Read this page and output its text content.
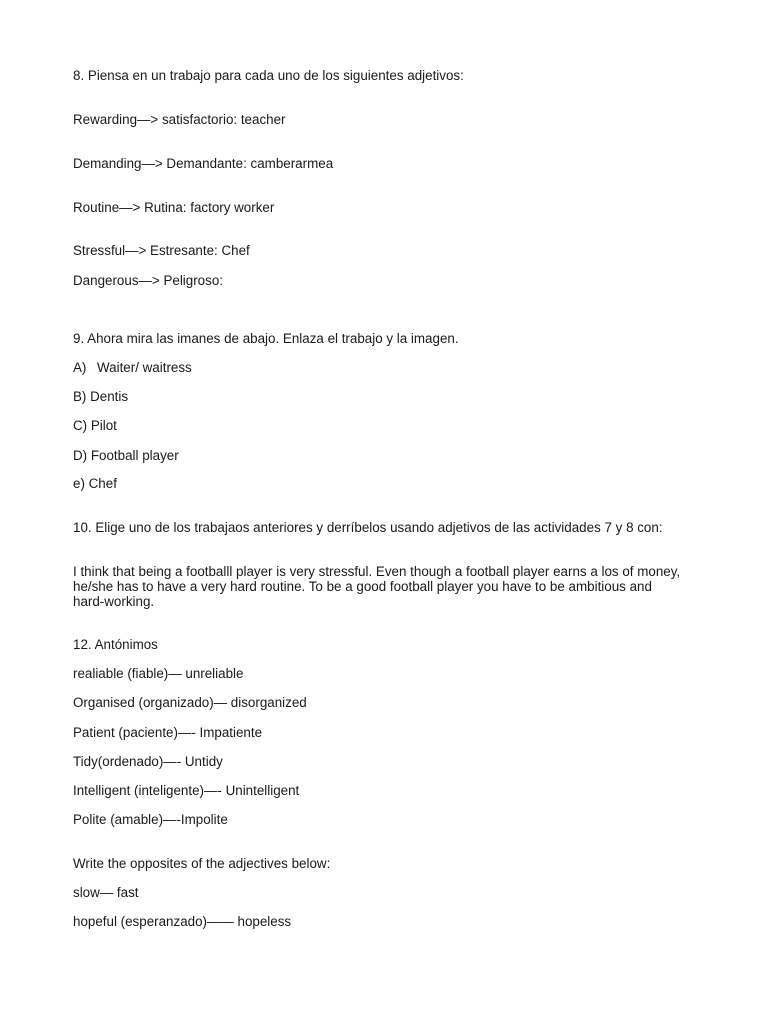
8. Piensa en un trabajo para cada uno de los siguientes adjetivos:

Rewarding—> satisfactorio: teacher

Demanding—> Demandante: camberarmea

Routine—> Rutina: factory worker

Stressful—> Estresante: Chef

Dangerous—> Peligroso:

9. Ahora mira las imanes de abajo. Enlaza el trabajo y la imagen.

A) Waiter/ waitress

B) Dentis

C) Pilot

D) Football player

e) Chef

10. Elige uno de los trabajaos anteriores y derríbelos usando adjetivos de las actividades 7 y 8 con:

I think that being a footballl player is very stressful. Even though a football player earns a los of money, he/she has to have a very hard routine. To be a good football player you have to be ambitious and hard-working.

12. Antónimos

realiable (fiable)— unreliable

Organised (organizado)— disorganized

Patient (paciente)—- Impatiente

Tidy(ordenado)—- Untidy

Intelligent (inteligente)—- Unintelligent

Polite (amable)—-Impolite

Write the opposites of the adjectives below:

slow— fast

hopeful (esperanzado)—— hopeless
